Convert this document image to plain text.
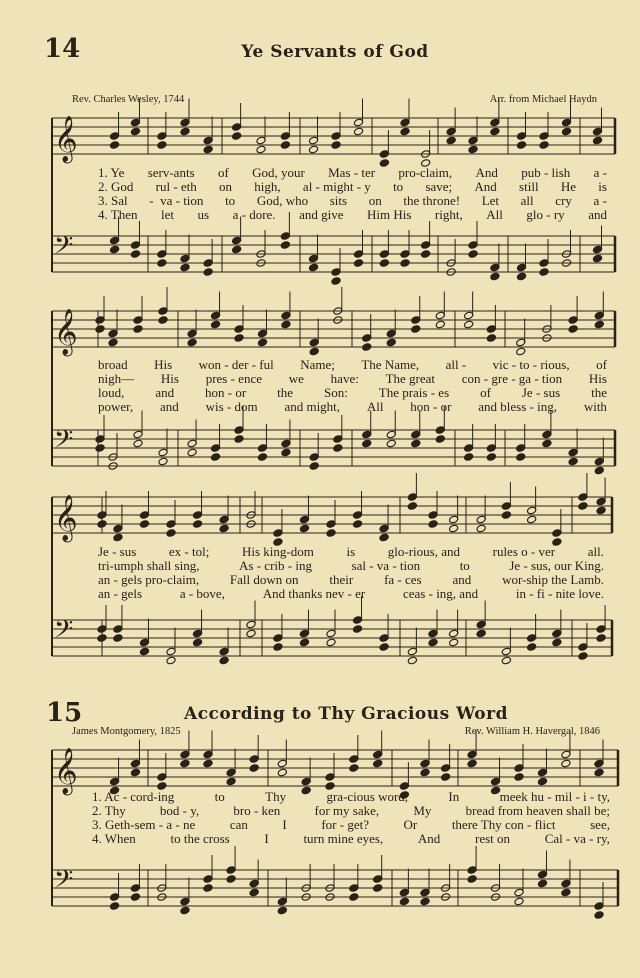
14	Ye Servants of God
Rev. Charles Wesley, 1744	Arr. from Michael Haydn
15	According to Thy Gracious Word
James Montgomery, 1825	Rev. William H. Havergal, 1846
𝄞
𝄢
𝄞
𝄢
𝄞
𝄢
𝄞
𝄢
1. Ye serv-ants of God, your Mas - ter pro-claim, And pub - lish a -
2. God rul - eth on high, al - might - y to save; And still He is
3. Sal -  va - tion to God, who sits on the throne! Let all cry a -
4. Then let us a - dore. and give Him His right, All glo - ry and
broad His won - der - ful Name; The Name, all - vic - to - rious, of
nigh— His pres - ence we have: The great con - gre - ga - tion His
loud, and hon - or the Son: The prais - es of Je - sus the
power, and wis - dom and might, All hon - or and bless - ing, with
Je - sus	ex - tol;	His king-dom	is	glo-rious, and	rules o - ver	all.
tri-umph shall sing,	As - crib - ing	sal - va - tion	to	Je - sus, our King.
an - gels pro-claim, Fall down on their fa - ces and wor-ship the Lamb.
an - gels	a - bove,	And thanks nev - er	ceas - ing, and	in - fi - nite love.
1. Ac - cord-ing	to	Thy	gra-cious word,	In	meek hu - mil - i - ty,
2. Thy	bod - y,	bro - ken	for my sake,	My	bread from heaven shall be;
3. Geth-sem - a - ne	can	I	for - get?	Or	there Thy con - flict	see,
4. When	to the cross	I	turn mine eyes,	And	rest on	Cal - va - ry,
